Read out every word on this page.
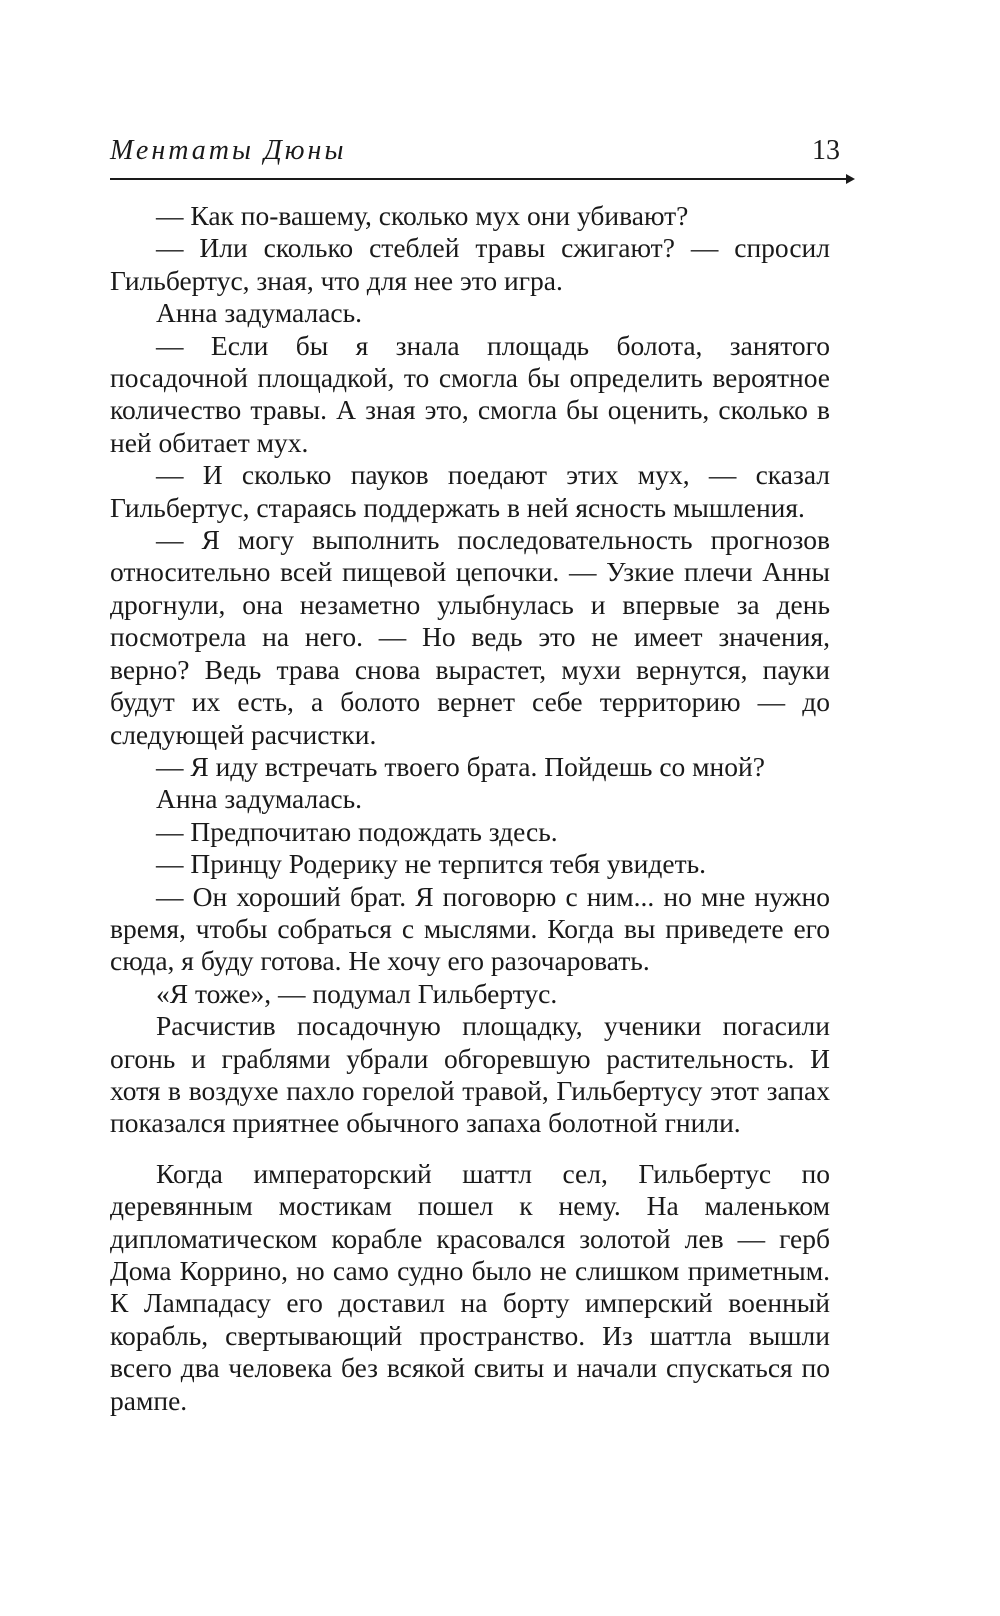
Ментаты Дюны	13

— Как по-вашему, сколько мух они убивают?

— Или сколько стеблей травы сжигают? — спросил Гильбертус, зная, что для нее это игра.

Анна задумалась.

— Если бы я знала площадь болота, занятого посадочной площадкой, то смогла бы определить вероятное количество травы. А зная это, смогла бы оценить, сколько в ней обитает мух.

— И сколько пауков поедают этих мух, — сказал Гильбертус, стараясь поддержать в ней ясность мышления.

— Я могу выполнить последовательность прогнозов относительно всей пищевой цепочки. — Узкие плечи Анны дрогнули, она незаметно улыбнулась и впервые за день посмотрела на него. — Но ведь это не имеет значения, верно? Ведь трава снова вырастет, мухи вернутся, пауки будут их есть, а болото вернет себе территорию — до следующей расчистки.

— Я иду встречать твоего брата. Пойдешь со мной?

Анна задумалась.

— Предпочитаю подождать здесь.

— Принцу Родерику не терпится тебя увидеть.

— Он хороший брат. Я поговорю с ним... но мне нужно время, чтобы собраться с мыслями. Когда вы приведете его сюда, я буду готова. Не хочу его разочаровать.

«Я тоже», — подумал Гильбертус.

Расчистив посадочную площадку, ученики погасили огонь и граблями убрали обгоревшую растительность. И хотя в воздухе пахло горелой травой, Гильбертусу этот запах показался приятнее обычного запаха болотной гнили.

Когда императорский шаттл сел, Гильбертус по деревянным мостикам пошел к нему. На маленьком дипломатическом корабле красовался золотой лев — герб Дома Коррино, но само судно было не слишком приметным. К Лампадасу его доставил на борту имперский военный корабль, свертывающий пространство. Из шаттла вышли всего два человека без всякой свиты и начали спускаться по рампе.
